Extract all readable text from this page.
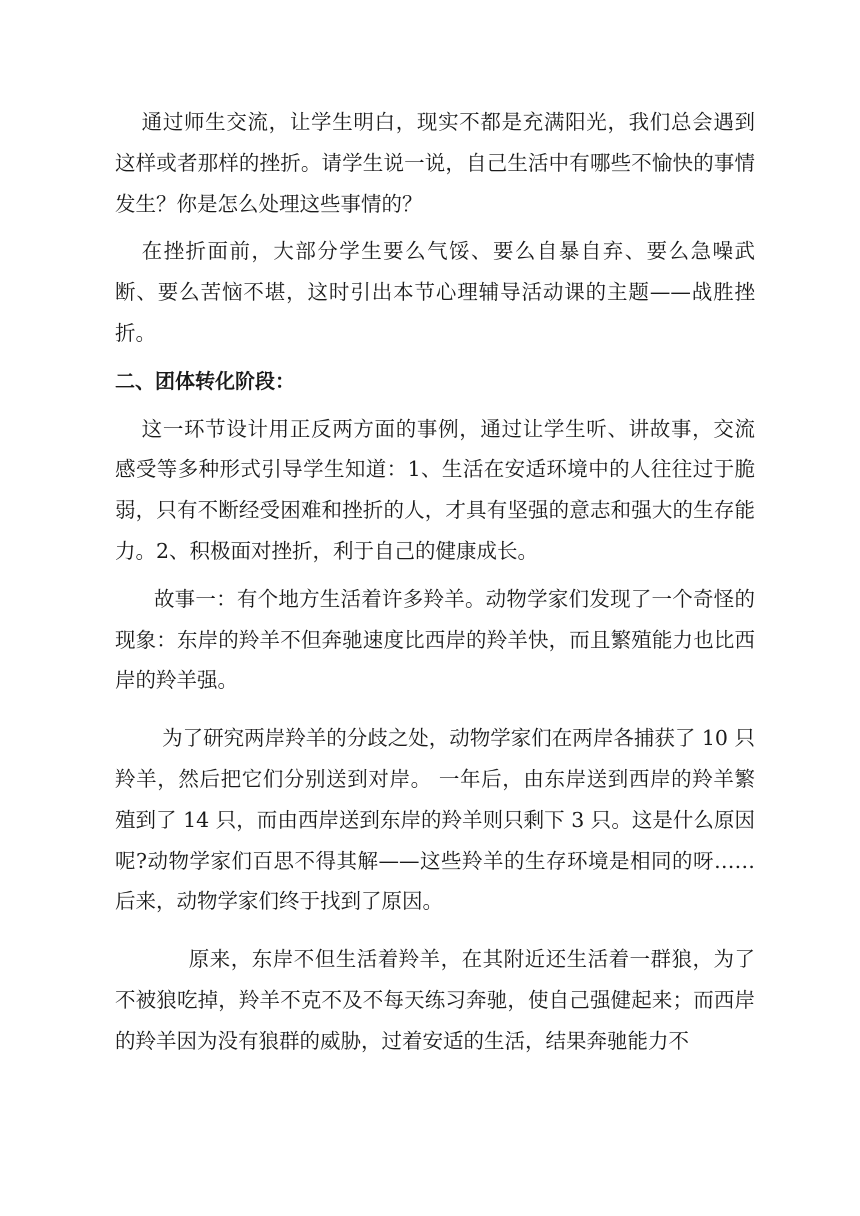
通过师生交流，让学生明白，现实不都是充满阳光，我们总会遇到这样或者那样的挫折。请学生说一说，自己生活中有哪些不愉快的事情发生？你是怎么处理这些事情的？

在挫折面前，大部分学生要么气馁、要么自暴自弃、要么急噪武断、要么苦恼不堪，这时引出本节心理辅导活动课的主题——战胜挫折。

二、团体转化阶段：

这一环节设计用正反两方面的事例，通过让学生听、讲故事，交流感受等多种形式引导学生知道：1、生活在安适环境中的人往往过于脆弱，只有不断经受困难和挫折的人，才具有坚强的意志和强大的生存能力。2、积极面对挫折，利于自己的健康成长。

故事一：有个地方生活着许多羚羊。动物学家们发现了一个奇怪的现象：东岸的羚羊不但奔驰速度比西岸的羚羊快，而且繁殖能力也比西岸的羚羊强。

为了研究两岸羚羊的分歧之处，动物学家们在两岸各捕获了 10 只羚羊，然后把它们分别送到对岸。 一年后，由东岸送到西岸的羚羊繁殖到了 14 只，而由西岸送到东岸的羚羊则只剩下 3 只。这是什么原因呢?动物学家们百思不得其解——这些羚羊的生存环境是相同的呀…… 后来，动物学家们终于找到了原因。

原来，东岸不但生活着羚羊，在其附近还生活着一群狼，为了不被狼吃掉，羚羊不克不及不每天练习奔驰，使自己强健起来；而西岸的羚羊因为没有狼群的威胁，过着安适的生活，结果奔驰能力不
